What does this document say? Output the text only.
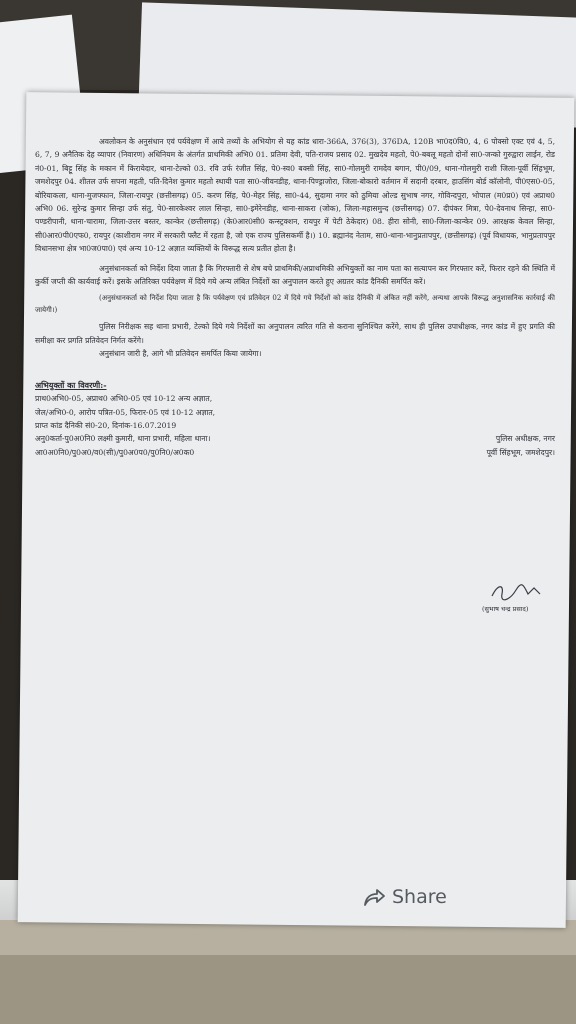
अवलोकन के अनुसंधान एवं पर्यवेक्षण में आये तथ्यों के अभियोग से यह कांड धारा-366A, 376(3), 376DA, 120B भा0द0वि0, 4, 6 पोक्सो एक्ट एवं 4, 5, 6, 7, 9 अनैतिक देह व्यापार (निवारण) अधिनियम के अंतर्गत प्राथमिकी अभि0 01. प्रतिमा देवी, पति-राजय प्रसाद 02. मुखदेव महतो, पे0-बबलू महतो दोनों सा0-जन्को गुरुद्वारा लाईन, रोड नं0-01, बिट्टू सिंह के मकान में किरायेदार, थाना-टेल्को 03. रवि उर्फ रंजीत सिंह, पे0-स्व0 बक्सी सिंह, सा0-गोलमुरी रामदेव बगान, पी0/09, थाना-गोलमुरी राशी जिला-पूर्वी सिंहभूम, जमशेदपुर 04. शीतल उर्फ सपना महती, पति-दिनेश कुमार महतो स्थायी पता सा0-जीवनडीह, थाना-पिण्ड्राजोरा, जिला-बोकारो वर्तमान में सदानी दरबार, हाउसिंग बोर्ड कॉलोनी, पी0एस0-05, बोरियाकला, थाना-मुजफ्फान, जिला-रायपुर (छत्तीसगढ़) 05. करण सिंह, पे0-मेहर सिंह, सा0-44, सुदामा नगर को ठुमिया ओल्ड सुभाष नगर, गोविन्दपुरा, भोपाल (म0प्र0) एवं अप्राथ0 अभि0 06. सुरेन्द्र कुमार सिन्हा उर्फ संतु, पे0-सारकेश्वर लाल सिन्हा, सा0-इमेरेनडीह, थाना-साकरा (जोक), जिला-महासमुन्द (छत्तीसगढ़) 07. दीपंकर मित्रा, पे0-देवनाथ सिन्हा, सा0-पण्डरीपानी, थाना-चारामा, जिला-उत्तर बस्तर, कान्केर (छत्तीसगढ़) (के0आर0सी0 कन्स्ट्रक्शन, रायपुर में पेटी ठेकेदार) 08. हीरा सोनी, सा0-जिला-कान्केर 09. आरक्षक केवल सिन्हा, सी0आर0पी0एफ0, रायपुर (काशीराम नगर में सरकारी फ्लैट में रहता है, जो एक राज्य पुलिसकर्मी है।) 10. ब्रह्मानंद नेताम, सा0-थाना-भानुप्रतापपुर, (छत्तीसगढ़) (पूर्व विधायक, भानुप्रतापपुर विधानसभा क्षेत्र भा0ज0पा0) एवं अन्य 10-12 अज्ञात व्यक्तियों के विरूद्ध सत्य प्रतीत होता है।

अनुसंधानकर्ता को निर्देश दिया जाता है कि गिरफ्तारी से शेष बचे प्राथमिकी/अप्राथमिकी अभियुक्तों का नाम पता का सत्यापन कर गिरफ्तार करें, फिरार रहने की स्थिति में कुर्की जप्ती की कार्यवाई करें। इसके अतिरिक्त पर्यवेक्षण में दिये गये अन्य लंबित निर्देशों का अनुपालन करते हुए अग्रतर कांड दैनिकी समर्पित करें।

(अनुसंधानकर्ता को निर्देश दिया जाता है कि पर्यवेक्षण एवं प्रतिवेदन 02 में दिये गये निर्देशों को कांड दैनिकी में अंकित नहीं करेंगे, अन्यथा आपके विरूद्ध अनुशासनिक कार्रवाई की जायेगी।)

पुलिस निरीक्षक सह थाना प्रभारी, टेल्को दिये गये निर्देशों का अनुपालन त्वरित गति से कराना सुनिश्चित करेंगे, साथ ही पुलिस उपाधीक्षक, नगर कांड में हुए प्रगति की समीक्षा कर प्रगति प्रतिवेदन निर्गत करेंगे।

अनुसंधान जारी है, आगे भी प्रतिवेदन समर्पित किया जायेगा।

अभियुक्तों का विवरणी:-

प्राथ0अभि0-05, अप्राथ0 अभि0-05 एवं 10-12 अन्य अज्ञात,

जेल/अभि0-0, आरोप पत्रित-05, फिरार-05 एवं 10-12 अज्ञात,

प्राप्त कांड दैनिकी सं0-20, दिनांक-16.07.2019

अनु0कर्ता-पु0अ0नि0 लक्ष्मी कुमारी, थाना प्रभारी, महिला थाना।	पुलिस अधीक्षक, नगर

आ0अ0नि0/पु0अ0/व0(सी)/पु0अ0प0/पु0नि0/अ0क0	पूर्वी सिंहभूम, जमशेदपुर।

(सुभाष चन्द्र प्रसाद)
Share
